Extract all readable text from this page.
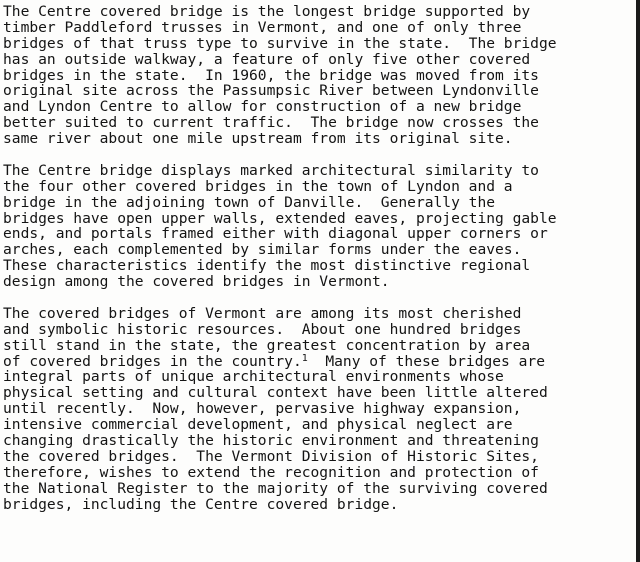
The Centre covered bridge is the longest bridge supported by
timber Paddleford trusses in Vermont, and one of only three
bridges of that truss type to survive in the state.  The bridge
has an outside walkway, a feature of only five other covered
bridges in the state.  In 1960, the bridge was moved from its
original site across the Passumpsic River between Lyndonville
and Lyndon Centre to allow for construction of a new bridge
better suited to current traffic.  The bridge now crosses the
same river about one mile upstream from its original site.
The Centre bridge displays marked architectural similarity to
the four other covered bridges in the town of Lyndon and a
bridge in the adjoining town of Danville.  Generally the
bridges have open upper walls, extended eaves, projecting gable
ends, and portals framed either with diagonal upper corners or
arches, each complemented by similar forms under the eaves.
These characteristics identify the most distinctive regional
design among the covered bridges in Vermont.
The covered bridges of Vermont are among its most cherished
and symbolic historic resources.  About one hundred bridges
still stand in the state, the greatest concentration by area
of covered bridges in the country.$^1$  Many of these bridges are
integral parts of unique architectural environments whose
physical setting and cultural context have been little altered
until recently.  Now, however, pervasive highway expansion,
intensive commercial development, and physical neglect are
changing drastically the historic environment and threatening
the covered bridges.  The Vermont Division of Historic Sites,
therefore, wishes to extend the recognition and protection of
the National Register to the majority of the surviving covered
bridges, including the Centre covered bridge.
